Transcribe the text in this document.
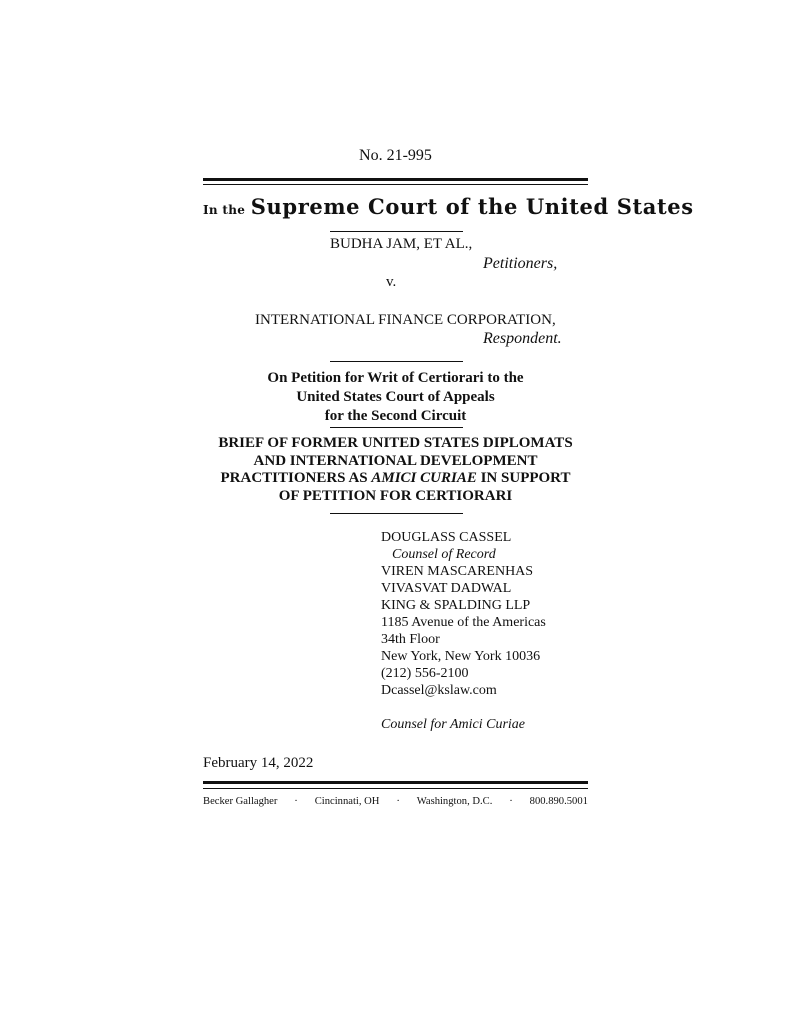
No. 21-995
In the Supreme Court of the United States
BUDHA JAM, ET AL.,
Petitioners,
v.
INTERNATIONAL FINANCE CORPORATION,
Respondent.
On Petition for Writ of Certiorari to the
United States Court of Appeals
for the Second Circuit
BRIEF OF FORMER UNITED STATES DIPLOMATS
AND INTERNATIONAL DEVELOPMENT
PRACTITIONERS AS AMICI CURIAE IN SUPPORT
OF PETITION FOR CERTIORARI
DOUGLASS CASSEL
Counsel of Record
VIREN MASCARENHAS
VIVASVAT DADWAL
KING & SPALDING LLP
1185 Avenue of the Americas
34th Floor
New York, New York 10036
(212) 556-2100
Dcassel@kslaw.com
Counsel for Amici Curiae
February 14, 2022
Becker Gallagher	·	Cincinnati, OH	·	Washington, D.C.	·	800.890.5001
